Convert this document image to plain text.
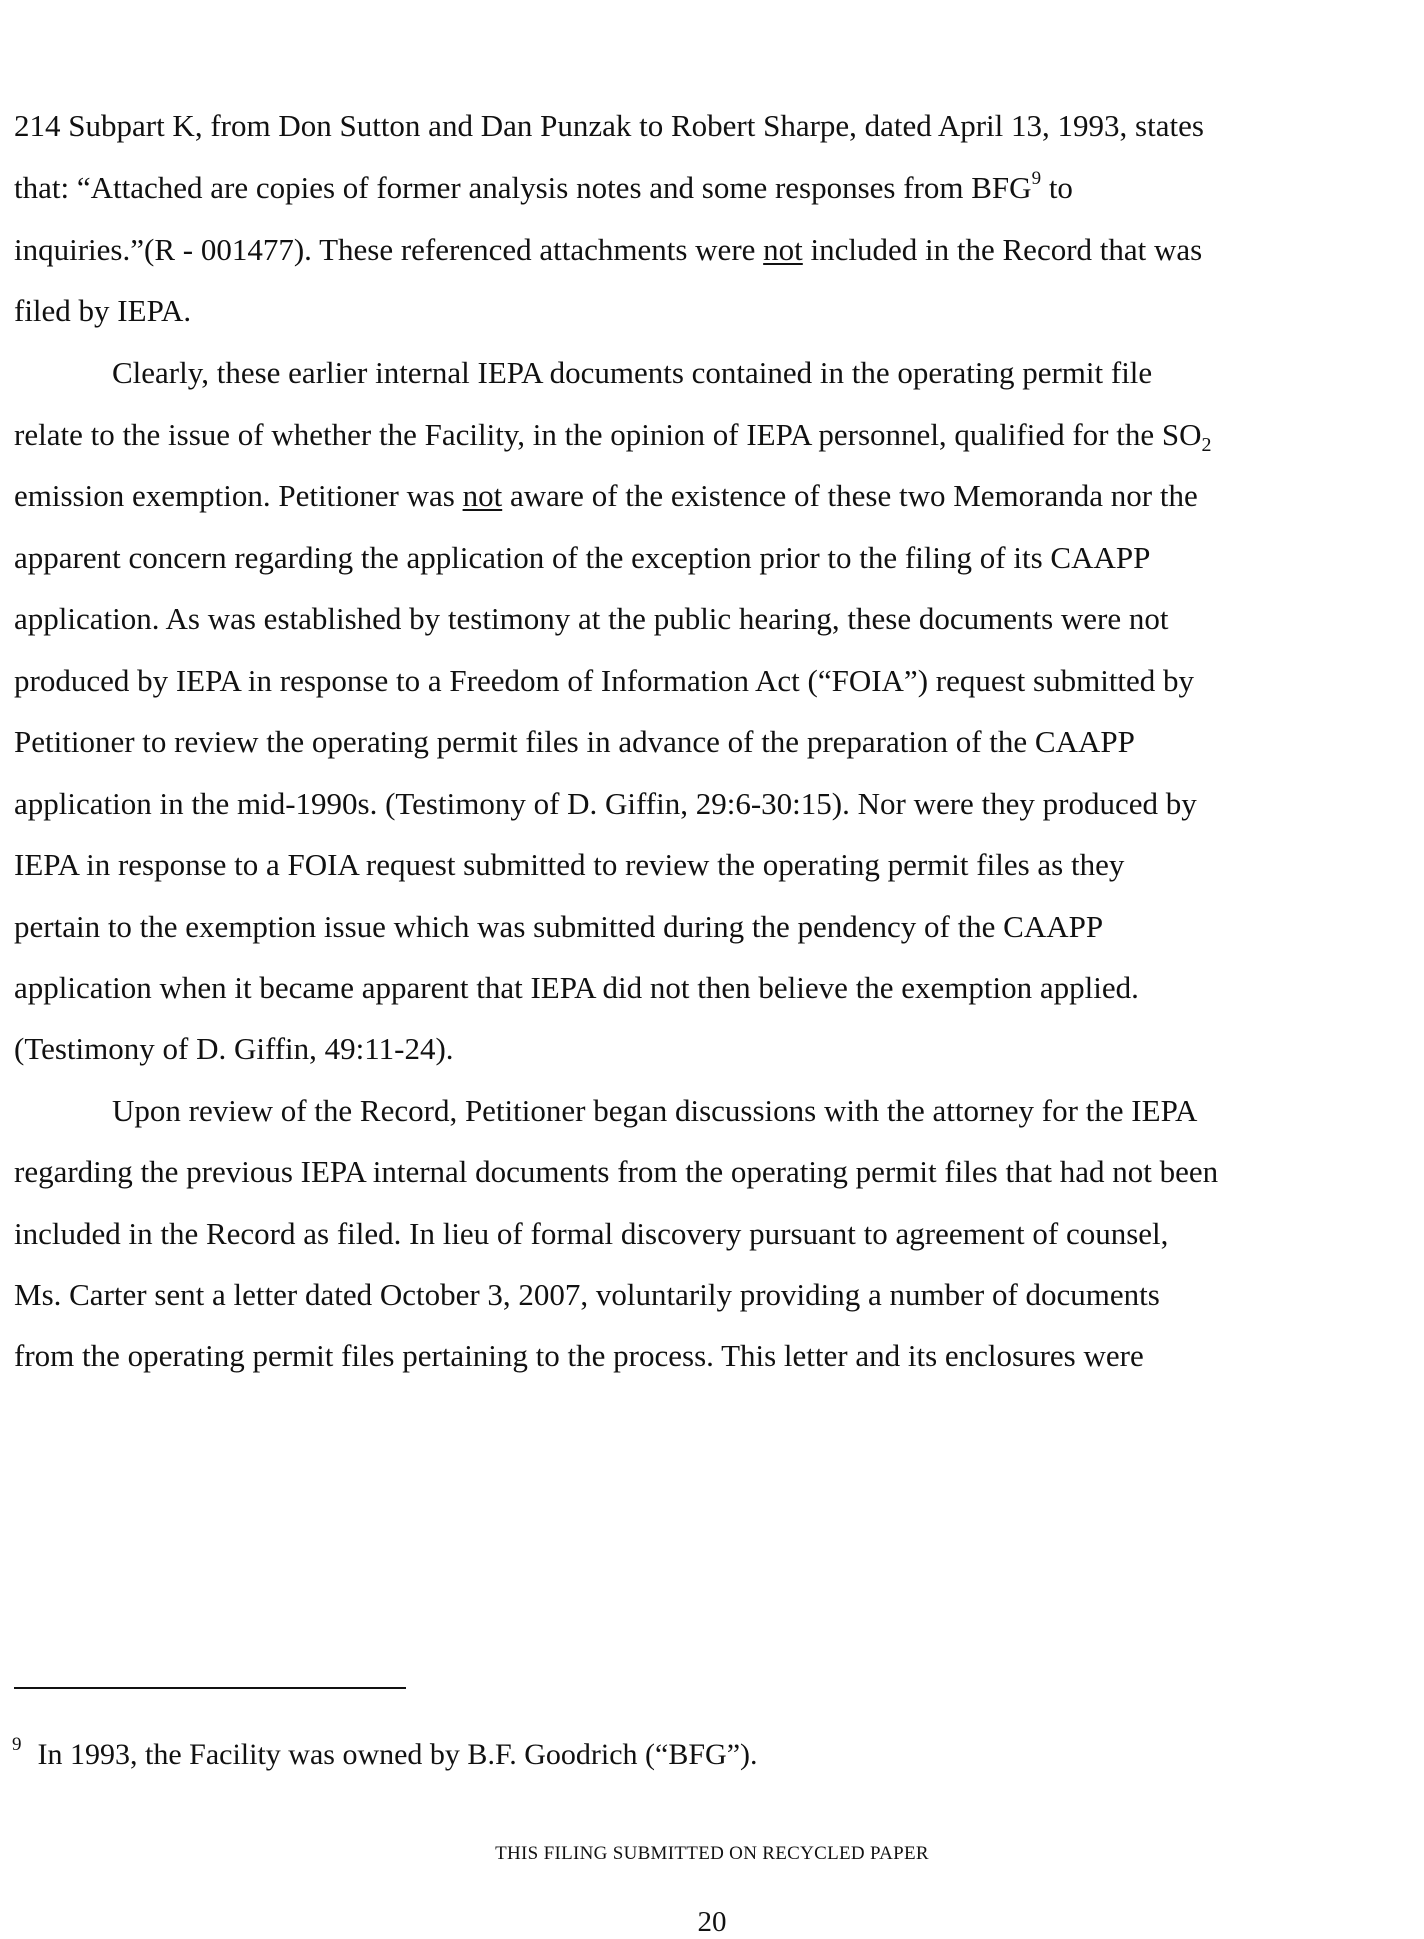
214 Subpart K, from Don Sutton and Dan Punzak to Robert Sharpe, dated April 13, 1993, states
that: “Attached are copies of former analysis notes and some responses from BFG$^9$ to
inquiries.”(R - 001477). These referenced attachments were not included in the Record that was
filed by IEPA.
Clearly, these earlier internal IEPA documents contained in the operating permit file
relate to the issue of whether the Facility, in the opinion of IEPA personnel, qualified for the $SO_2$
emission exemption. Petitioner was not aware of the existence of these two Memoranda nor the
apparent concern regarding the application of the exception prior to the filing of its CAAPP
application. As was established by testimony at the public hearing, these documents were not
produced by IEPA in response to a Freedom of Information Act (“FOIA”) request submitted by
Petitioner to review the operating permit files in advance of the preparation of the CAAPP
application in the mid-1990s. (Testimony of D. Giffin, 29:6-30:15). Nor were they produced by
IEPA in response to a FOIA request submitted to review the operating permit files as they
pertain to the exemption issue which was submitted during the pendency of the CAAPP
application when it became apparent that IEPA did not then believe the exemption applied.
(Testimony of D. Giffin, 49:11-24).
Upon review of the Record, Petitioner began discussions with the attorney for the IEPA
regarding the previous IEPA internal documents from the operating permit files that had not been
included in the Record as filed. In lieu of formal discovery pursuant to agreement of counsel,
Ms. Carter sent a letter dated October 3, 2007, voluntarily providing a number of documents
from the operating permit files pertaining to the process. This letter and its enclosures were
$^9$ In 1993, the Facility was owned by B.F. Goodrich (“BFG”).
THIS FILING SUBMITTED ON RECYCLED PAPER
20
